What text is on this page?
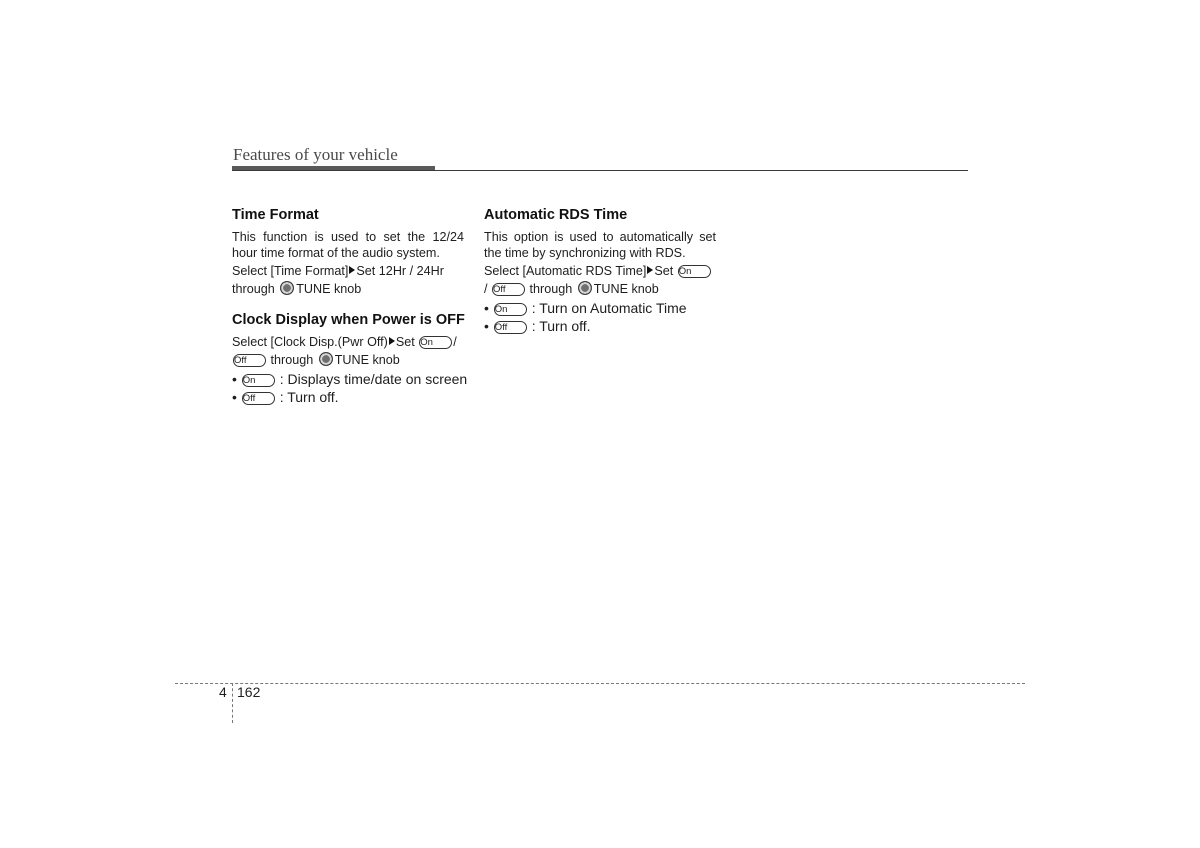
Features of your vehicle
Time Format

This function is used to set the 12/24 hour time format of the audio system.

Select [Time Format] Set 12Hr / 24Hr

through TUNE knob

Clock Display when Power is OFF

Select [Clock Disp.(Pwr Off) Set On /

Off through TUNE knob

• On : Displays time/date on screen

• Off : Turn off.

Automatic RDS Time

This option is used to automatically set the time by synchronizing with RDS.

Select [Automatic RDS Time] Set On

/ Off through TUNE knob

• On : Turn on Automatic Time

• Off : Turn off.

4 162
